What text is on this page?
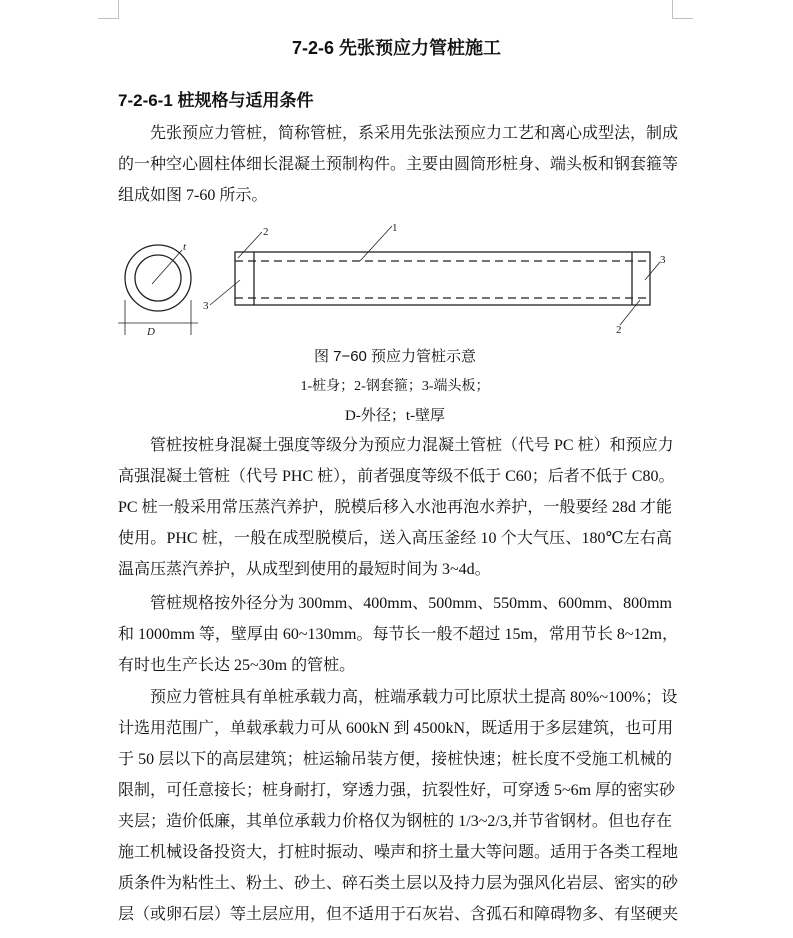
7-2-6 先张预应力管桩施工
7-2-6-1 桩规格与适用条件
先张预应力管桩，简称管桩，系采用先张法预应力工艺和离心成型法，制成
的一种空心圆柱体细长混凝土预制构件。主要由圆筒形桩身、端头板和钢套箍等
组成如图 7-60 所示。
t
D
1
2
2
3
3
图 7−60 预应力管桩示意
1-桩身；2-钢套箍；3-端头板；
D-外径；t-壁厚
管桩按桩身混凝土强度等级分为预应力混凝土管桩（代号 PC 桩）和预应力
高强混凝土管桩（代号 PHC 桩），前者强度等级不低于 C60；后者不低于 C80。
PC 桩一般采用常压蒸汽养护，脱模后移入水池再泡水养护，一般要经 28d 才能
使用。PHC 桩，一般在成型脱模后，送入高压釜经 10 个大气压、180℃左右高
温高压蒸汽养护，从成型到使用的最短时间为 3~4d。
管桩规格按外径分为 300mm、400mm、500mm、550mm、600mm、800mm
和 1000mm 等，壁厚由 60~130mm。每节长一般不超过 15m，常用节长 8~12m，
有时也生产长达 25~30m 的管桩。
预应力管桩具有单桩承载力高，桩端承载力可比原状土提高 80%~100%；设
计选用范围广，单载承载力可从 600kN 到 4500kN，既适用于多层建筑，也可用
于 50 层以下的高层建筑；桩运输吊装方便，接桩快速；桩长度不受施工机械的
限制，可任意接长；桩身耐打，穿透力强，抗裂性好，可穿透 5~6m 厚的密实砂
夹层；造价低廉，其单位承载力价格仅为钢桩的 1/3~2/3,并节省钢材。但也存在
施工机械设备投资大，打桩时振动、噪声和挤土量大等问题。适用于各类工程地
质条件为粘性土、粉土、砂土、碎石类土层以及持力层为强风化岩层、密实的砂
层（或卵石层）等土层应用，但不适用于石灰岩、含孤石和障碍物多、有坚硬夹
